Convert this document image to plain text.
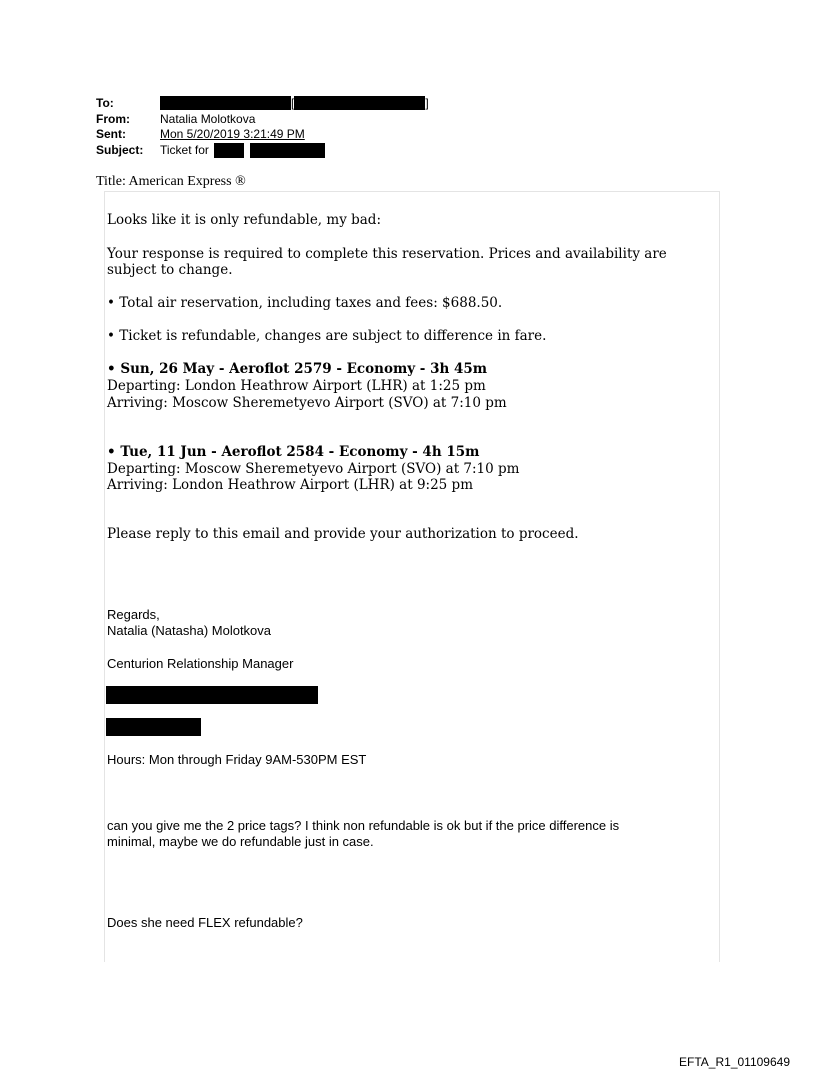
To:	[	]
From:	Natalia Molotkova
Sent:	Mon 5/20/2019 3:21:49 PM
Subject:	Ticket for
Title: American Express ®
Looks like it is only refundable, my bad:
Your response is required to complete this reservation. Prices and availability are
subject to change.
• Total air reservation, including taxes and fees: $688.50.
• Ticket is refundable, changes are subject to difference in fare.
• Sun, 26 May - Aeroflot 2579 - Economy - 3h 45m
Departing: London Heathrow Airport (LHR) at 1:25 pm
Arriving: Moscow Sheremetyevo Airport (SVO) at 7:10 pm
• Tue, 11 Jun - Aeroflot 2584 - Economy - 4h 15m
Departing: Moscow Sheremetyevo Airport (SVO) at 7:10 pm
Arriving: London Heathrow Airport (LHR) at 9:25 pm
Please reply to this email and provide your authorization to proceed.
Regards,
Natalia (Natasha) Molotkova
Centurion Relationship Manager
Hours: Mon through Friday 9AM-530PM EST
can you give me the 2 price tags? I think non refundable is ok but if the price difference is
minimal, maybe we do refundable just in case.
Does she need FLEX refundable?
EFTA_R1_01109649
